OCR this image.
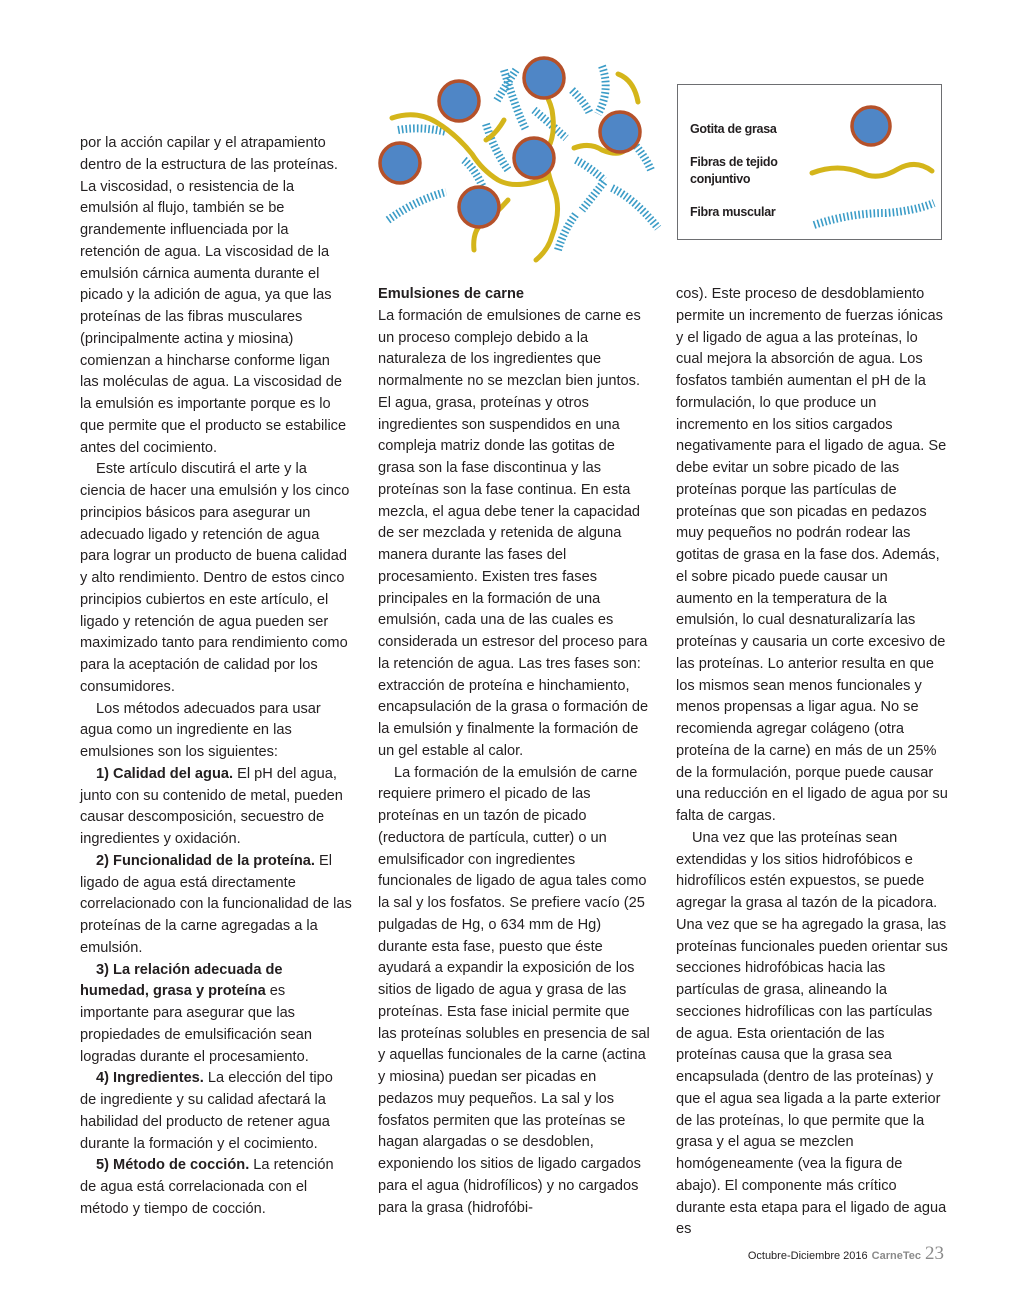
Gotita de grasa
Fibras de tejido
conjuntivo
Fibra muscular

por la acción capilar y el atrapamiento dentro de la estructura de las proteínas. La viscosidad, o resistencia de la emulsión al flujo, también se be grandemente influenciada por la retención de agua. La viscosidad de la emulsión cárnica aumenta durante el picado y la adición de agua, ya que las proteínas de las fibras musculares (principalmente actina y miosina) comienzan a hincharse conforme ligan las moléculas de agua. La viscosidad de la emulsión es importante porque es lo que permite que el producto se estabilice antes del cocimiento.

Este artículo discutirá el arte y la ciencia de hacer una emulsión y los cinco principios básicos para asegurar un adecuado ligado y retención de agua para lograr un producto de buena calidad y alto rendimiento. Dentro de estos cinco principios cubiertos en este artículo, el ligado y retención de agua pueden ser maximizado tanto para rendimiento como para la aceptación de calidad por los consumidores.

Los métodos adecuados para usar agua como un ingrediente en las emulsiones son los siguientes:

1) Calidad del agua. El pH del agua, junto con su contenido de metal, pueden causar descomposición, secuestro de ingredientes y oxidación.

2) Funcionalidad de la proteína. El ligado de agua está directamente correlacionado con la funcionalidad de las proteínas de la carne agregadas a la emulsión.

3) La relación adecuada de humedad, grasa y proteína es importante para asegurar que las propiedades de emulsificación sean logradas durante el procesamiento.

4) Ingredientes. La elección del tipo de ingrediente y su calidad afectará la habilidad del producto de retener agua durante la formación y el cocimiento.

5) Método de cocción. La retención de agua está correlacionada con el método y tiempo de cocción.

Emulsiones de carne

La formación de emulsiones de carne es un proceso complejo debido a la naturaleza de los ingredientes que normalmente no se mezclan bien juntos. El agua, grasa, proteínas y otros ingredientes son suspendidos en una compleja matriz donde las gotitas de grasa son la fase discontinua y las proteínas son la fase continua. En esta mezcla, el agua debe tener la capacidad de ser mezclada y retenida de alguna manera durante las fases del procesamiento. Existen tres fases principales en la formación de una emulsión, cada una de las cuales es considerada un estresor del proceso para la retención de agua. Las tres fases son: extracción de proteína e hinchamiento, encapsulación de la grasa o formación de la emulsión y finalmente la formación de un gel estable al calor.

La formación de la emulsión de carne requiere primero el picado de las proteínas en un tazón de picado (reductora de partícula, cutter) o un emulsificador con ingredientes funcionales de ligado de agua tales como la sal y los fosfatos. Se prefiere vacío (25 pulgadas de Hg, o 634 mm de Hg) durante esta fase, puesto que éste ayudará a expandir la exposición de los sitios de ligado de agua y grasa de las proteínas. Esta fase inicial permite que las proteínas solubles en presencia de sal y aquellas funcionales de la carne (actina y miosina) puedan ser picadas en pedazos muy pequeños. La sal y los fosfatos permiten que las proteínas se hagan alargadas o se desdoblen, exponiendo los sitios de ligado cargados para el agua (hidrofílicos) y no cargados para la grasa (hidrofóbi-

cos). Este proceso de desdoblamiento permite un incremento de fuerzas iónicas y el ligado de agua a las proteínas, lo cual mejora la absorción de agua. Los fosfatos también aumentan el pH de la formulación, lo que produce un incremento en los sitios cargados negativamente para el ligado de agua. Se debe evitar un sobre picado de las proteínas porque las partículas de proteínas que son picadas en pedazos muy pequeños no podrán rodear las gotitas de grasa en la fase dos. Además, el sobre picado puede causar un aumento en la temperatura de la emulsión, lo cual desnaturalizaría las proteínas y causaria un corte excesivo de las proteínas. Lo anterior resulta en que los mismos sean menos funcionales y menos propensas a ligar agua. No se recomienda agregar colágeno (otra proteína de la carne) en más de un 25% de la formulación, porque puede causar una reducción en el ligado de agua por su falta de cargas.

Una vez que las proteínas sean extendidas y los sitios hidrofóbicos e hidrofílicos estén expuestos, se puede agregar la grasa al tazón de la picadora. Una vez que se ha agregado la grasa, las proteínas funcionales pueden orientar sus secciones hidrofóbicas hacia las partículas de grasa, alineando la secciones hidrofílicas con las partículas de agua. Esta orientación de las proteínas causa que la grasa sea encapsulada (dentro de las proteínas) y que el agua sea ligada a la parte exterior de las proteínas, lo que permite que la grasa y el agua se mezclen homógeneamente (vea la figura de abajo). El componente más crítico durante esta etapa para el ligado de agua es

Octubre-Diciembre 2016 CarneTec 23
